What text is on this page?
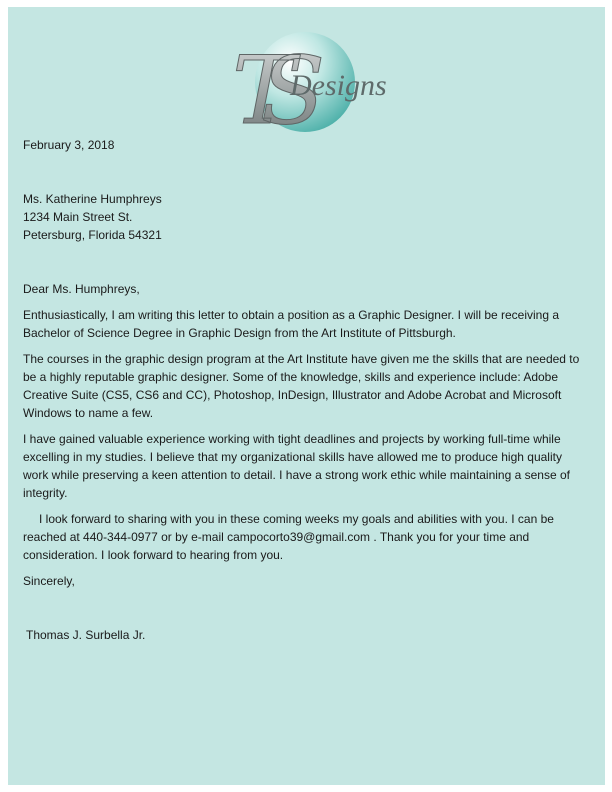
TS
Designs

February 3, 2018

Ms. Katherine Humphreys

1234 Main Street St.

Petersburg, Florida 54321

Dear Ms. Humphreys,

Enthusiastically, I am writing this letter to obtain a position as a Graphic Designer. I will be receiving a Bachelor of Science Degree in Graphic Design from the Art Institute of Pittsburgh.

The courses in the graphic design program at the Art Institute have given me the skills that are needed to be a highly reputable graphic designer. Some of the knowledge, skills and experience include: Adobe Creative Suite (CS5, CS6 and CC), Photoshop, InDesign, Illustrator and Adobe Acrobat and Microsoft Windows to name a few.

I have gained valuable experience working with tight deadlines and projects by working full-time while excelling in my studies. I believe that my organizational skills have allowed me to produce high quality work while preserving a keen attention to detail. I have a strong work ethic while maintaining a sense of integrity.

I look forward to sharing with you in these coming weeks my goals and abilities with you. I can be reached at 440-344-0977 or by e-mail campocorto39@gmail.com . Thank you for your time and consideration. I look forward to hearing from you.

Sincerely,

Thomas J. Surbella Jr.
